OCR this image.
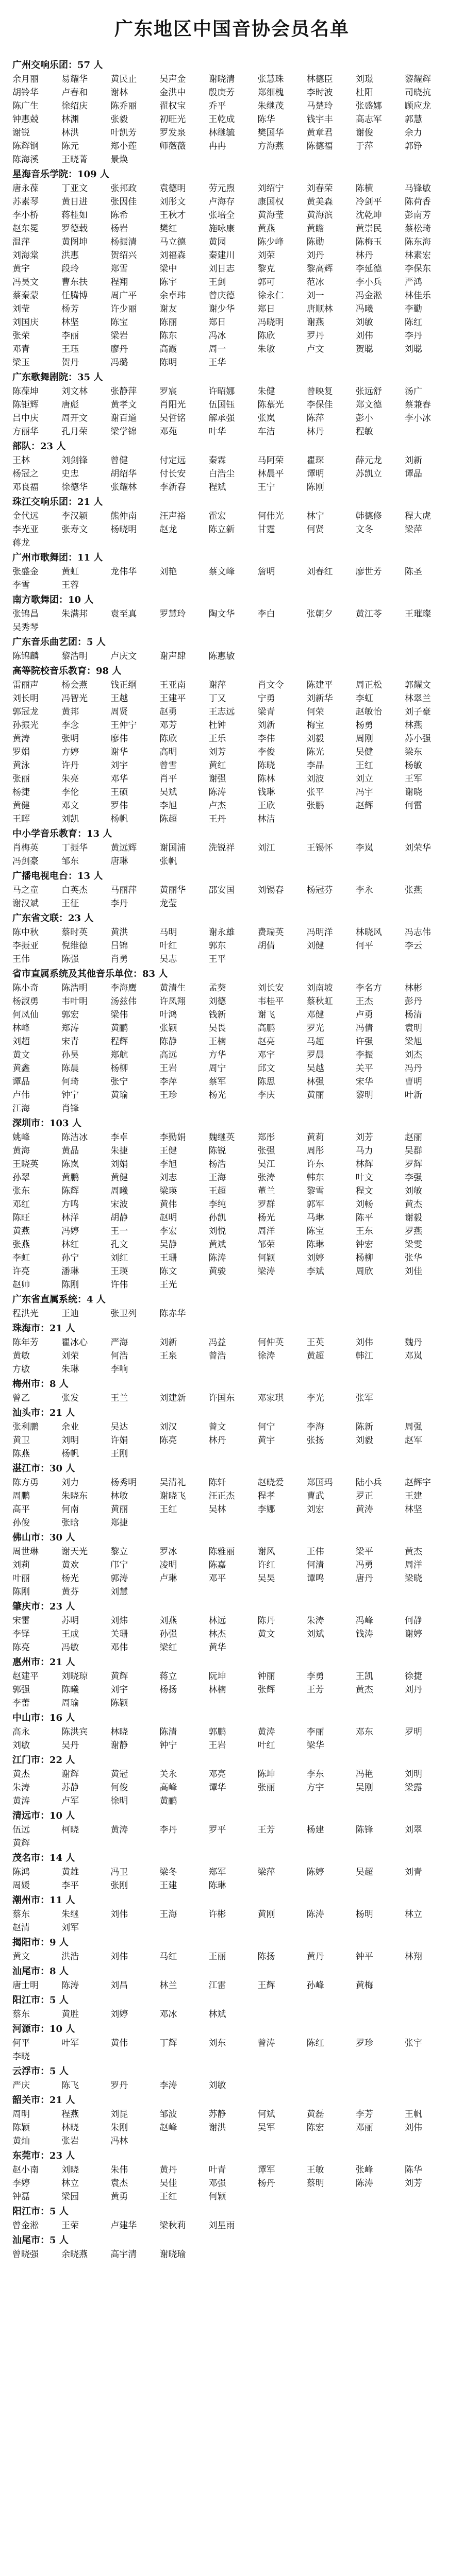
广东地区中国音协会员名单
广州交响乐团：57 人
余月丽	易耀华	黄民止	吴声金	谢晓清	张慧珠	林德臣	刘璟	黎耀辉
胡铃华	卢春和	谢林	金洪中	殷庚芳	郑细槐	李时波	杜阳	司晓抗
陈广生	徐绍庆	陈乔丽	翟权宝	乔平	朱继茂	马楚玲	张盛娜	顾应龙
钟惠兢	林渊	张毅	初旺光	王乾成	陈华	钱宇丰	高志军	郭慧
谢锐	林洪	叶凯芳	罗发泉	林继毓	樊国华	黄章君	谢俊	余力
陈辉钢	陈元	郑小莲	师薇薇	冉冉	方海燕	陈德福	于萍	郭铮
陈海溪	王晓菁	景焕
星海音乐学院：109 人
唐永葆	丁亚文	张邦政	袁德明	劳元煦	刘绍宁	刘春荣	陈横	马锋敏
苏素琴	黄日进	张因佳	刘彤文	卢海存	康国权	黄美森	冷剑平	陈荷香
李小桥	蒋桂如	陈希	王秋才	张培全	黄海莹	黄海滨	沈乾坤	彭南芳
赵东冕	罗德载	杨岩	樊红	施咏康	黄燕	黄瞻	黄崇民	蔡松琦
温萍	黄图坤	杨振清	马立德	黄园	陈少峰	陈勋	陈梅玉	陈东海
刘海棠	洪惠	贺绍兴	刘福森	秦建川	刘荣	刘丹	林丹	林素宏
黄宇	段玲	郑雪	梁中	刘日志	黎克	黎高辉	李延德	李保东
冯昊文	曹东扶	程翔	陈宇	王剑	郭可	范冰	李小兵	严鸿
蔡秦蒙	任腾博	周广平	余卓玮	曾庆德	徐永仁	刘一	冯金淞	林佳乐
刘莹	杨芳	许少丽	谢友	谢少华	郑日	唐顺林	冯曦	李勤
刘国庆	林坚	陈宝	陈丽	郑日	冯晓明	谢燕	刘敏	陈红
张荣	李丽	梁岩	陈东	冯冰	陈欣	罗丹	刘伟	李丹
邓青	王珏	廖丹	高霞	周一	朱敏	卢文	贺聪	刘聪
梁玉	贺丹	冯璐	陈明	王华
广东歌舞剧院：35 人
陈葆坤	刘文林	张静萍	罗宸	许昭娜	朱健	曾映复	张远舒	汤广
陈钜辉	唐彪	黄孝文	肖阳光	伍国钰	陈慕光	李保佳	郑文德	蔡兼春
吕中庆	周开文	谢百道	吴哲铭	解承强	张岚	陈萍	彭小	李小冰
方丽华	孔月荣	梁学锦	邓苑	叶华	车洁	林丹	程敏
部队：23 人
王林	刘剑锋	曾健	付定远	秦霖	马阿荣	瞿琛	薛元龙	刘新
杨冠之	史忠	胡绍华	付长安	白浩尘	林晨平	谭明	苏凯立	谭晶
邓良福	徐德华	张耀林	李新春	程斌	王宁	陈刚
珠江交响乐团：21 人
金代远	李汉颖	熊仲南	汪声裕	霍宏	何伟光	林宁	韩德修	程大虎
李光亚	张寿文	杨晓明	赵龙	陈立新	甘霆	何贤	文冬	梁萍
蒋龙
广州市歌舞团：11 人
张盛金	黄虹	龙伟华	刘艳	蔡文峰	詹明	刘春红	廖世芳	陈圣
李雪	王蓉
南方歌舞团：10 人
张锦昌	朱满邦	袁至真	罗慧玲	陶文华	李白	张朝夕	黄江苓	王璀璨
吴秀琴
广东音乐曲艺团：5 人
陈锦麟	黎浩明	卢庆文	谢声肆	陈惠敏
高等院校音乐教育：98 人
雷丽声	杨会燕	钱正纲	王亚南	谢萍	肖文令	陈建平	周正松	郭耀文
刘长明	冯智光	王越	王建平	丁又	宁勇	刘新华	李虹	林翠兰
郭冠龙	黄邦	周贤	赵勇	王志远	梁青	何荣	赵敏怡	刘子豪
孙振光	李念	王仲宁	邓芳	杜钟	刘新	梅宝	杨勇	林燕
黄涛	张明	廖伟	陈欣	王乐	李伟	刘毅	周刚	苏小强
罗娟	方婷	谢华	高明	刘芳	李俊	陈光	吴健	梁东
黄泳	许丹	刘宇	曾雪	黄红	陈晓	李晶	王红	杨敏
张丽	朱亮	邓华	肖平	谢强	陈林	刘波	刘立	王军
杨捷	李伦	王硕	吴斌	陈涛	钱琳	张平	冯宇	谢晓
黄健	邓文	罗伟	李旭	卢杰	王欣	张鹏	赵辉	何雷
王晖	刘凯	杨帆	陈超	王丹	林洁
中小学音乐教育：13 人
肖梅英	丁振华	黄远辉	谢国浦	洗锐祥	刘江	王锡怀	李岚	刘荣华
冯剑豪	邹东	唐琳	张帆
广播电视电台：13 人
马之童	白英杰	马丽萍	黄丽华	邵安国	刘锡春	杨冠芬	李永	张燕
谢汉斌	王征	李丹	龙莹
广东省文联：23 人
陈中秋	蔡时英	黄洪	马明	谢永雄	费瑞英	冯明洋	林晓风	冯志伟
李振亚	倪维德	吕锦	叶红	郭东	胡倩	刘健	何平	李云
王伟	陈强	肖勇	吴志	王平
省市直属系统及其他音乐单位：83 人
陈小奇	陈浩明	李海鹰	黄清生	孟葵	刘长安	刘南坡	李名方	林彬
杨淑勇	韦叶明	汤兹伟	许凤翔	刘德	韦桂平	蔡秋虹	王杰	彭丹
何凤仙	郭宏	梁伟	叶鸿	钱新	谢飞	邓健	卢勇	杨清
林峰	郑涛	黄鹂	张颖	吴畏	高鹏	罗光	冯倩	袁明
刘超	宋青	程辉	陈静	王楠	赵亮	马超	许强	梁旭
黄文	孙昊	郑航	高远	方华	邓宇	罗晨	李振	刘杰
黄鑫	陈晨	杨柳	王岩	周宁	邱文	吴越	关平	冯丹
谭晶	何琦	张宁	李萍	蔡军	陈思	林强	宋华	曹明
卢伟	钟宁	黄瑜	王珍	杨光	李庆	黄丽	黎明	叶新
江海	肖锋
深圳市：103 人
姚峰	陈洁冰	李卓	李勤娟	魏继英	郑彤	黄莉	刘芳	赵丽
黄海	黄晶	朱捷	王健	陈锐	张强	周彤	马力	吴群
王晓英	陈岚	刘娟	李旭	杨浩	吴江	许东	林辉	罗辉
孙翠	黄鹏	黄健	刘志	王海	张涛	韩东	叶文	李强
张东	陈辉	周曦	梁瑛	王超	董兰	黎雪	程文	刘敏
邓红	方鸣	宋波	黄伟	李纯	罗群	郭军	刘畅	黄杰
陈旺	林洋	胡静	赵明	孙凯	杨光	马琳	陈平	谢毅
黄燕	冯婷	王一	李宏	刘悦	周洋	陈宝	王东	罗燕
张燕	林红	孔文	吴静	黄斌	邹荣	陈琳	钟宏	梁雯
李虹	孙宁	刘红	王珊	陈涛	何颖	刘婷	杨柳	张华
许亮	潘琳	王瑛	陈文	黄骏	梁涛	李斌	周欣	刘佳
赵帅	陈刚	许伟	王光
广东省直属系统：4 人
程洪光	王迪	张卫列	陈赤华
珠海市：21 人
陈年芳	瞿冰心	严海	刘新	冯益	何仲英	王英	刘伟	魏丹
黄敏	刘荣	何浩	王泉	曾浩	徐涛	黄超	韩江	邓岚
方敏	朱琳	李响
梅州市：8 人
曾乙	张发	王兰	刘建新	许国东	邓家琪	李光	张军
汕头市：21 人
张利鹏	余业	吴达	刘汉	曾文	何宁	李海	陈新	周强
黄卫	刘明	许娟	陈亮	林丹	黄宇	张扬	刘毅	赵军
陈燕	杨帆	王刚
湛江市：30 人
陈方勇	刘力	杨秀明	吴清礼	陈轩	赵晓爱	郑国玛	陆小兵	赵辉宇
周鹏	朱晓东	林敏	谢晓飞	汪正杰	程孝	曹武	罗正	王建
高平	何南	黄丽	王红	吴林	李娜	刘宏	黄涛	林坚
孙俊	张晗	郑捷
佛山市：30 人
周世琳	谢天光	黎立	罗冰	陈雅丽	谢风	王伟	梁平	黄杰
刘莉	黄欢	邝宁	凌明	陈嘉	许红	何清	冯勇	周洋
叶丽	杨光	郭涛	卢琳	邓平	吴昊	谭鸣	唐丹	梁晓
陈刚	黄芬	刘慧
肇庆市：23 人
宋雷	苏明	刘炜	刘燕	林远	陈丹	朱涛	冯峰	何静
李铎	王成	关珊	孙强	林杰	黄文	刘斌	钱涛	谢婷
陈亮	冯敏	邓伟	梁红	黄华
惠州市：21 人
赵建平	刘晓琼	黄辉	蒋立	阮坤	钟丽	李勇	王凯	徐捷
郭强	陈曦	刘宇	杨扬	林楠	张辉	王芳	黄杰	刘丹
李蕾	周瑜	陈颖
中山市：16 人
高永	陈洪宾	林晓	陈清	郭鹏	黄涛	李丽	邓东	罗明
刘敏	吴丹	谢静	钟宁	王岩	叶红	梁华
江门市：22 人
黄杰	谢辉	黄冠	关永	邓亮	陈坤	李东	冯艳	刘明
朱涛	苏静	何俊	高峰	谭华	张丽	方宇	吴刚	梁露
黄涛	卢军	徐明	黄鹂
清远市：10 人
伍远	柯晓	黄涛	李丹	罗平	王芳	杨建	陈锋	刘翠
黄辉
茂名市：14 人
陈鸿	黄雄	冯卫	梁冬	郑军	梁萍	陈婷	吴超	刘青
周媛	李平	张刚	王建	陈琳
潮州市：11 人
蔡东	朱继	刘伟	王海	许彬	黄刚	陈涛	杨明	林立
赵清	刘军
揭阳市：9 人
黄文	洪浩	刘伟	马红	王丽	陈扬	黄丹	钟平	林翔
汕尾市：8 人
唐士明	陈涛	刘昌	林兰	江雷	王辉	孙峰	黄梅
阳江市：5 人
蔡东	黄胜	刘婷	邓冰	林斌
河源市：10 人
何平	叶军	黄伟	丁辉	刘东	曾涛	陈红	罗珍	张宇
李晓
云浮市：5 人
严庆	陈飞	罗丹	李涛	刘敏
韶关市：21 人
周明	程燕	刘昆	邹波	苏静	何斌	黄磊	李芳	王帆
陈颖	林晓	朱刚	赵峰	谢洪	吴军	陈宏	邓丽	刘伟
黄灿	张岩	冯林
东莞市：23 人
赵小南	刘晓	朱伟	黄丹	叶青	谭军	王敏	张峰	陈华
李婷	林立	袁杰	吴佳	邓强	杨丹	蔡明	陈涛	刘芳
钟磊	梁园	黄勇	王红	何颖
阳江市：5 人
曾金淞	王荣	卢建华	梁秋莉	刘星雨
汕尾市：5 人
曾晓强	余晓燕	高宇清	谢晓瑜
